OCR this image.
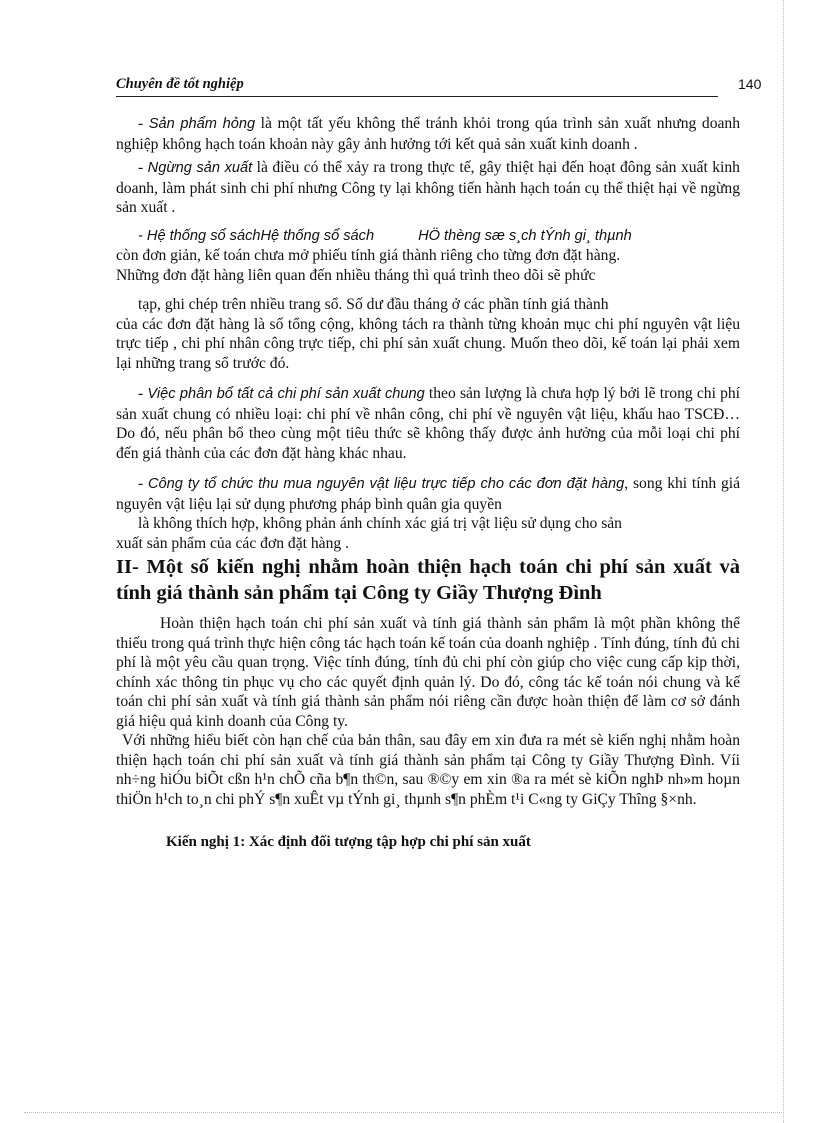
Chuyên đề tốt nghiệp	140

- Sản phẩm hỏng là một tất yếu không thể tránh khỏi trong qúa trình sản xuất nhưng doanh nghiệp không hạch toán khoản này gây ảnh hưởng tới kết quả sản xuất kinh doanh .

- Ngừng sản xuất là điều có thể xảy ra trong thực tế, gây thiệt hại đến hoạt đông sản xuất kinh doanh, làm phát sinh chi phí nhưng Công ty lại không tiến hành hạch toán cụ thể thiệt hại về ngừng sản xuất .

- Hệ thống sổ sáchHệ thống sổ sách	HÖ thèng sæ s¸ch tÝnh gi¸ thµnh

còn đơn giản, kế toán chưa mở phiếu tính giá thành riêng cho từng đơn đặt hàng.

Những đơn đặt hàng liên quan đến nhiều tháng thì quá trình theo dõi sẽ phức

tạp, ghi chép trên nhiều trang sổ. Số dư đầu tháng ở các phần tính giá thành

của các đơn đặt hàng là số tổng cộng, không tách ra thành từng khoản mục chi phí nguyên vật liệu trực tiếp , chi phí nhân công trực tiếp, chi phí sản xuất chung. Muốn theo dõi, kế toán lại phải xem lại những trang sổ trước đó.

- Việc phân bổ tất cả chi phí sản xuất chung theo sản lượng là chưa hợp lý bởi lẽ trong chi phí sản xuất chung có nhiều loại: chi phí về nhân công, chi phí về nguyên vật liệu, khấu hao TSCĐ…Do đó, nếu phân bổ theo cùng một tiêu thức sẽ không thấy được ảnh hưởng của mỗi loại chi phí đến giá thành của các đơn đặt hàng khác nhau.

- Công ty tổ chức thu mua nguyên vật liệu trực tiếp cho các đơn đặt hàng, song khi tính giá nguyên vật liệu lại sử dụng phương pháp bình quân gia quyền

là không thích hợp, không phản ánh chính xác giá trị vật liệu sử dụng cho sản

xuất sản phẩm của các đơn đặt hàng .

II- Một số kiến nghị nhằm hoàn thiện hạch toán chi phí sản xuất và tính giá thành sản phẩm tại Công ty Giầy Thượng Đình

Hoàn thiện hạch toán chi phí sản xuất và tính giá thành sản phẩm là một phần không thể thiếu trong quá trình thực hiện công tác hạch toán kế toán của doanh nghiệp . Tính đúng, tính đủ chi phí là một yêu cầu quan trọng. Việc tính đúng, tính đủ chi phí còn giúp cho việc cung cấp kịp thời, chính xác thông tin phục vụ cho các quyết định quản lý. Do đó, công tác kế toán nói chung và kế toán chi phí sản xuất và tính giá thành sản phẩm nói riêng cần được hoàn thiện để làm cơ sở đánh giá hiệu quả kinh doanh của Công ty.

Với những hiểu biết còn hạn chế của bản thân, sau đây em xin đưa ra mét sè kiến nghị nhằm hoàn thiện hạch toán chi phí sản xuất và tính giá thành sản phẩm tại Công ty Giầy Thượng Đình. Víi nh÷ng hiÓu biÕt cßn h¹n chÕ cña b¶n th©n, sau ®©y em xin ®a ra mét sè kiÕn nghÞ nh»m hoµn thiÖn h¹ch to¸n chi phÝ s¶n xuÊt vµ tÝnh gi¸ thµnh s¶n phÈm t¹i C«ng ty GiÇy Thîng §×nh.

Kiến nghị 1: Xác định đối tượng tập hợp chi phí sản xuất
